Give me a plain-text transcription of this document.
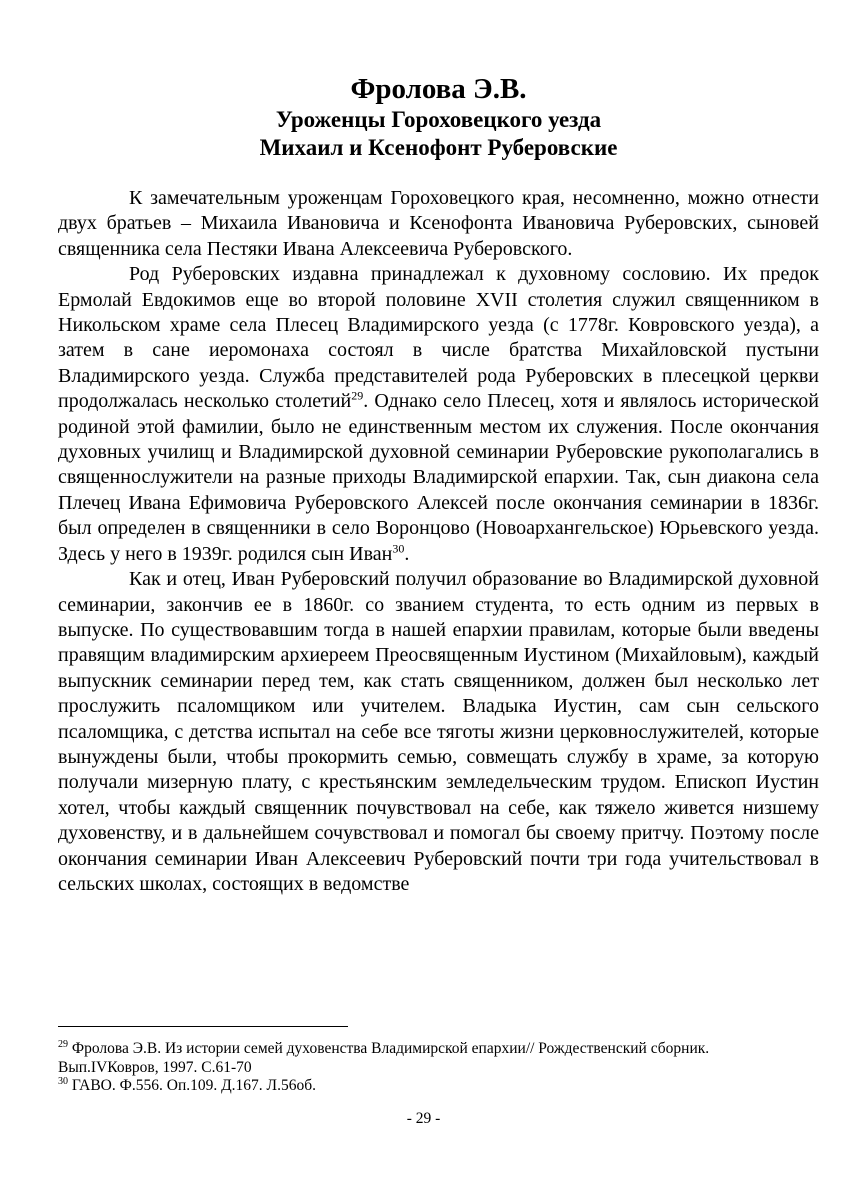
Фролова Э.В.
Уроженцы Гороховецкого уезда
Михаил и Ксенофонт Руберовские

К замечательным уроженцам Гороховецкого края, несомненно, можно отнести двух братьев – Михаила Ивановича и Ксенофонта Ивановича Руберовских, сыновей священника села Пестяки Ивана Алексеевича Руберовского.

Род Руберовских издавна принадлежал к духовному сословию. Их предок Ермолай Евдокимов еще во второй половине XVII столетия служил священником в Никольском храме села Плесец Владимирского уезда (с 1778г. Ковровского уезда), а затем в сане иеромонаха состоял в числе братства Михайловской пустыни Владимирского уезда. Служба представителей рода Руберовских в плесецкой церкви продолжалась несколько столетий$^{29}$. Однако село Плесец, хотя и являлось исторической родиной этой фамилии, было не единственным местом их служения. После окончания духовных училищ и Владимирской духовной семинарии Руберовские рукополагались в священнослужители на разные приходы Владимирской епархии. Так, сын диакона села Плечец Ивана Ефимовича Руберовского Алексей после окончания семинарии в 1836г. был определен в священники в село Воронцово (Новоархангельское) Юрьевского уезда. Здесь у него в 1939г. родился сын Иван$^{30}$.

Как и отец, Иван Руберовский получил образование во Владимирской духовной семинарии, закончив ее в 1860г. со званием студента, то есть одним из первых в выпуске. По существовавшим тогда в нашей епархии правилам, которые были введены правящим владимирским архиереем Преосвященным Иустином (Михайловым), каждый выпускник семинарии перед тем, как стать священником, должен был несколько лет прослужить псаломщиком или учителем. Владыка Иустин, сам сын сельского псаломщика, с детства испытал на себе все тяготы жизни церковнослужителей, которые вынуждены были, чтобы прокормить семью, совмещать службу в храме, за которую получали мизерную плату, с крестьянским земледельческим трудом. Епископ Иустин хотел, чтобы каждый священник почувствовал на себе, как тяжело живется низшему духовенству, и в дальнейшем сочувствовал и помогал бы своему притчу. Поэтому после окончания семинарии Иван Алексеевич Руберовский почти три года учительствовал в сельских школах, состоящих в ведомстве

$^{29}$ Фролова Э.В. Из истории семей духовенства Владимирской епархии// Рождественский сборник. Вып.IVКовров, 1997. С.61-70

$^{30}$ ГАВО. Ф.556. Оп.109. Д.167. Л.56об.

- 29 -
